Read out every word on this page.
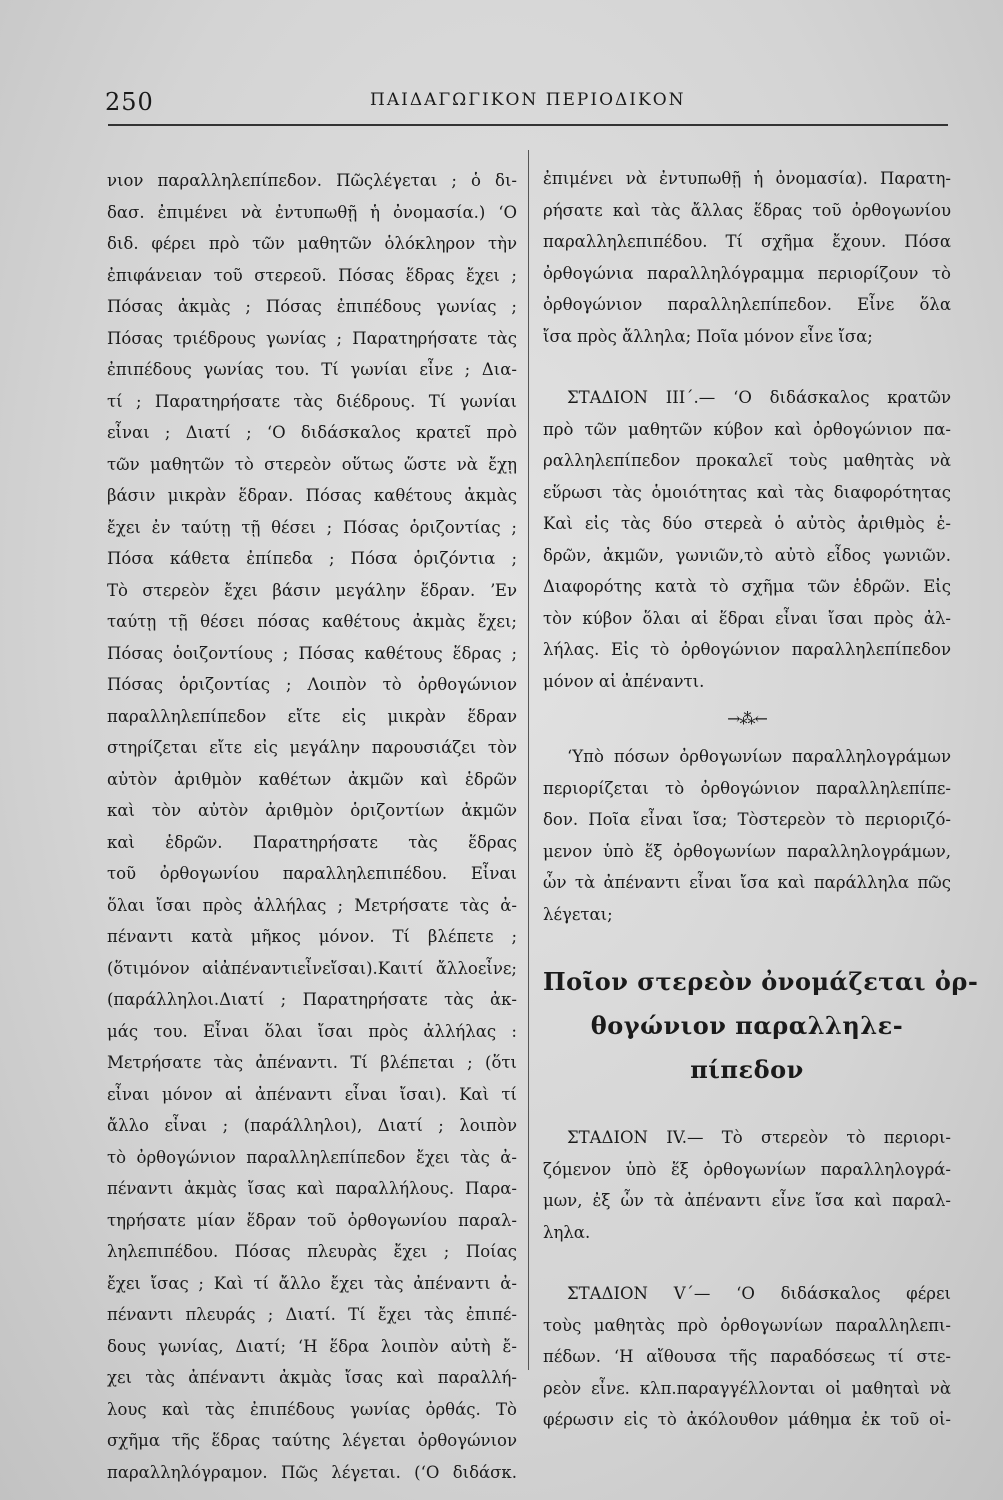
250	ΠΑΙΔΑΓΩΓΙΚΟΝ ΠΕΡΙΟΔΙΚΟΝ
νιον παραλληλεπίπεδον. Πῶςλέγεται ; ὁ δι-
δασ. ἐπιμένει νὰ ἐντυπωθῇ ἡ ὀνομασία.) ʻΟ
διδ. φέρει πρὸ τῶν μαθητῶν ὁλόκληρον τὴν
ἐπιφάνειαν τοῦ στερεοῦ. Πόσας ἕδρας ἔχει ;
Πόσας ἀκμὰς ; Πόσας ἐπιπέδους γωνίας ;
Πόσας τριέδρους γωνίας ; Παρατηρήσατε τὰς
ἐπιπέδους γωνίας του. Τί γωνίαι εἶνε ; Δια-
τί ; Παρατηρήσατε τὰς διέδρους. Τί γωνίαι
εἶναι ; Διατί ; ʻΟ διδάσκαλος κρατεῖ πρὸ
τῶν μαθητῶν τὸ στερεὸν οὕτως ὥστε νὰ ἔχῃ
βάσιν μικρὰν ἕδραν. Πόσας καθέτους ἀκμὰς
ἔχει ἐν ταύτῃ τῇ θέσει ; Πόσας ὁριζοντίας ;
Πόσα κάθετα ἐπίπεδα ; Πόσα ὁριζόντια ;
Τὸ στερεὸν ἔχει βάσιν μεγάλην ἕδραν. ʼΕν
ταύτῃ τῇ θέσει πόσας καθέτους ἀκμὰς ἔχει;
Πόσας ὁοιζοντίους ; Πόσας καθέτους ἕδρας ;
Πόσας ὁριζοντίας ; Λοιπὸν τὸ ὀρθογώνιον
παραλληλεπίπεδον εἴτε εἰς μικρὰν ἕδραν
στηρίζεται εἴτε εἰς μεγάλην παρουσιάζει τὸν
αὐτὸν ἀριθμὸν καθέτων ἀκμῶν καὶ ἑδρῶν
καὶ τὸν αὐτὸν ἀριθμὸν ὁριζοντίων ἀκμῶν
καὶ ἑδρῶν. Παρατηρήσατε τὰς ἕδρας
τοῦ ὀρθογωνίου παραλληλεπιπέδου. Εἶναι
ὅλαι ἴσαι πρὸς ἀλλήλας ; Μετρήσατε τὰς ἀ-
πέναντι κατὰ μῆκος μόνον. Τί βλέπετε ;
(ὅτιμόνον αἱἀπέναντιεἶνεἴσαι).Καιτί ἄλλοεἶνε;
(παράλληλοι.Διατί ; Παρατηρήσατε τὰς ἀκ-
μάς του. Εἶναι ὅλαι ἴσαι πρὸς ἀλλήλας :
Μετρήσατε τὰς ἀπέναντι. Τί βλέπεται ; (ὅτι
εἶναι μόνον αἱ ἀπέναντι εἶναι ἴσαι). Καὶ τί
ἄλλο εἶναι ; (παράλληλοι), Διατί ; λοιπὸν
τὸ ὀρθογώνιον παραλληλεπίπεδον ἔχει τὰς ἀ-
πέναντι ἀκμὰς ἴσας καὶ παραλλήλους. Παρα-
τηρήσατε μίαν ἕδραν τοῦ ὀρθογωνίου παραλ-
ληλεπιπέδου. Πόσας πλευρὰς ἔχει ; Ποίας
ἔχει ἴσας ; Καὶ τί ἄλλο ἔχει τὰς ἀπέναντι ἀ-
πέναντι πλευράς ; Διατί. Τί ἔχει τὰς ἐπιπέ-
δους γωνίας, Διατί; ʻΗ ἕδρα λοιπὸν αὐτὴ ἔ-
χει τὰς ἀπέναντι ἀκμὰς ἴσας καὶ παραλλή-
λους καὶ τὰς ἐπιπέδους γωνίας ὀρθάς. Τὸ
σχῆμα τῆς ἕδρας ταύτης λέγεται ὀρθογώνιον
παραλληλόγραμον. Πῶς λέγεται. (ʻΟ διδάσκ.
ἐπιμένει νὰ ἐντυπωθῇ ἡ ὀνομασία). Παρατη-
ρήσατε καὶ τὰς ἄλλας ἕδρας τοῦ ὀρθογωνίου
παραλληλεπιπέδου. Τί σχῆμα ἔχουν. Πόσα
ὀρθογώνια παραλληλόγραμμα περιορίζουν τὸ
ὀρθογώνιον παραλληλεπίπεδον. Εἶνε ὅλα
ἴσα πρὸς ἄλληλα; Ποῖα μόνον εἶνε ἴσα;
ΣΤΑΔΙΟΝ ΙΙΙ΄.— ʻΟ διδάσκαλος κρατῶν
πρὸ τῶν μαθητῶν κύβον καὶ ὀρθογώνιον πα-
ραλληλεπίπεδον προκαλεῖ τοὺς μαθητὰς νὰ
εὕρωσι τὰς ὁμοιότητας καὶ τὰς διαφορότητας
Καὶ εἰς τὰς δύο στερεὰ ὁ αὐτὸς ἀριθμὸς ἑ-
δρῶν, ἀκμῶν, γωνιῶν,τὸ αὐτὸ εἶδος γωνιῶν.
Διαφορότης κατὰ τὸ σχῆμα τῶν ἑδρῶν. Εἰς
τὸν κύβον ὅλαι αἱ ἕδραι εἶναι ἴσαι πρὸς ἀλ-
λήλας. Εἰς τὸ ὀρθογώνιον παραλληλεπίπεδον
μόνον αἱ ἀπέναντι.
→⁂←
ʻΥπὸ πόσων ὀρθογωνίων παραλληλογράμων
περιορίζεται τὸ ὀρθογώνιον παραλληλεπίπε-
δον. Ποῖα εἶναι ἴσα; Τὸστερεὸν τὸ περιοριζό-
μενον ὑπὸ ἕξ ὀρθογωνίων παραλληλογράμων,
ὧν τὰ ἀπέναντι εἶναι ἴσα καὶ παράλληλα πῶς
λέγεται;
Ποῖον στερεὸν ὀνομάζεται ὀρ-
θογώνιον παραλληλε-
πίπεδον
ΣΤΑΔΙΟΝ ΙV.— Τὸ στερεὸν τὸ περιορι-
ζόμενον ὑπὸ ἕξ ὀρθογωνίων παραλληλογρά-
μων, ἐξ ὧν τὰ ἀπέναντι εἶνε ἴσα καὶ παραλ-
ληλα.
ΣΤΑΔΙΟΝ V΄— ʻΟ διδάσκαλος φέρει
τοὺς μαθητὰς πρὸ ὀρθογωνίων παραλληλεπι-
πέδων. ʻΗ αἴθουσα τῆς παραδόσεως τί στε-
ρεὸν εἶνε. κλπ.παραγγέλλονται οἱ μαθηταὶ νὰ
φέρωσιν εἰς τὸ ἀκόλουθον μάθημα ἐκ τοῦ οἰ-
